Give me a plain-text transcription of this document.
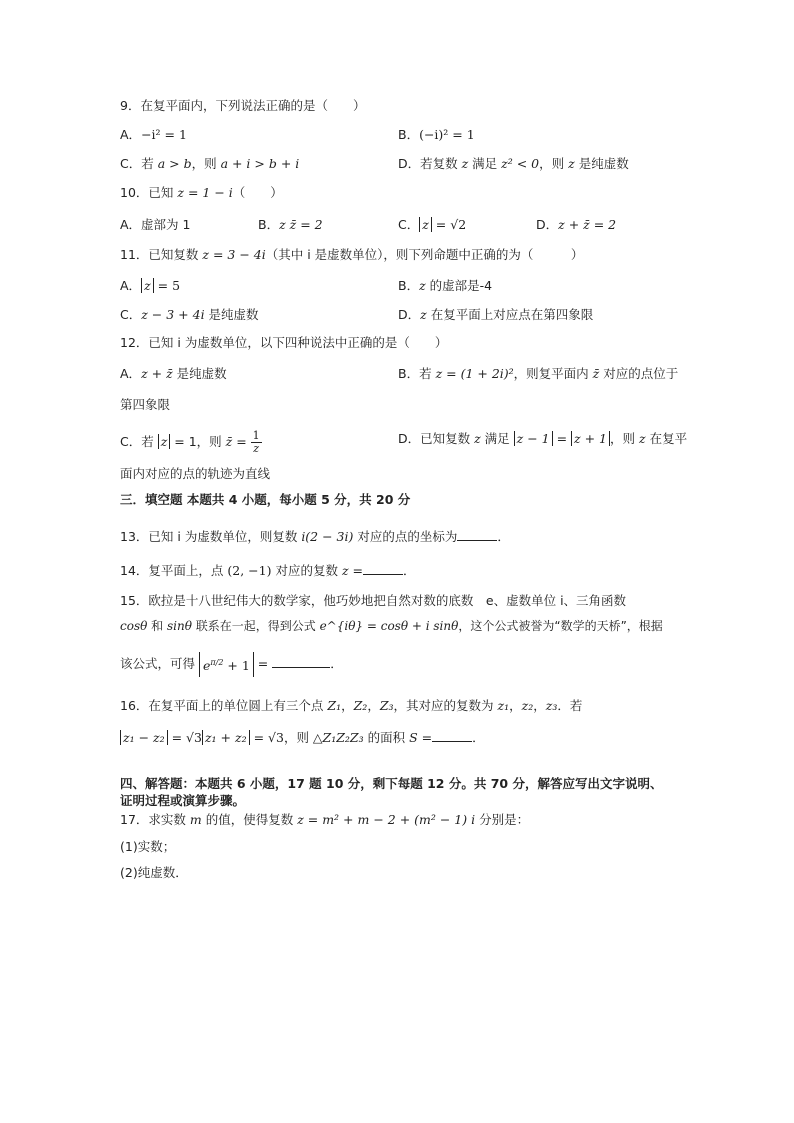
9．在复平面内，下列说法正确的是（　　）
A．−i² = 1	B．(−i)² = 1
C．若 a > b，则 a + i > b + i	D．若复数 z 满足 z² < 0，则 z 是纯虚数
10．已知 z = 1 − i（　　）
A．虚部为 1	B．z z̄ = 2	C． z = √2	D．z + z̄ = 2
11．已知复数 z = 3 − 4i（其中 i 是虚数单位），则下列命题中正确的为（　　　）
A． z = 5	B．z 的虚部是-4
C．z − 3 + 4i 是纯虚数	D．z 在复平面上对应点在第四象限
12．已知 i 为虚数单位，以下四种说法中正确的是（　　）
A．z + z̄ 是纯虚数	B．若 z = (1 + 2i)²，则复平面内 z̄ 对应的点位于
第四象限
C．若 z = 1，则 z̄ = $\frac{1}{z}$	D．已知复数 z 满足 z − 1 = z + 1 ，则 z 在复平
面内对应的点的轨迹为直线
三．填空题 本题共 4 小题，每小题 5 分，共 20 分
13．已知 i 为虚数单位，则复数 i(2 − 3i) 对应的点的坐标为	．
14．复平面上，点 (2, −1) 对应的复数 z =	．
15．欧拉是十八世纪伟大的数学家，他巧妙地把自然对数的底数　e、虚数单位 i、三角函数
cosθ 和 sinθ 联系在一起，得到公式 e^{iθ} = cosθ + i sinθ，这个公式被誉为“数学的天桥”，根据
该公式，可得 $e^{\pi/2} + 1$ =	．
16．在复平面上的单位圆上有三个点 Z₁，Z₂，Z₃，其对应的复数为 z₁，z₂，z₃．若
z₁ − z₂ = √3 z₁ + z₂ = √3，则 △Z₁Z₂Z₃ 的面积 S =	．
四、解答题：本题共 6 小题，17 题 10 分，剩下每题 12 分。共 70 分，解答应写出文字说明、
证明过程或演算步骤。
17．求实数 m 的值，使得复数 z = m² + m − 2 + (m² − 1) i 分别是：
(1)实数；
(2)纯虚数．
